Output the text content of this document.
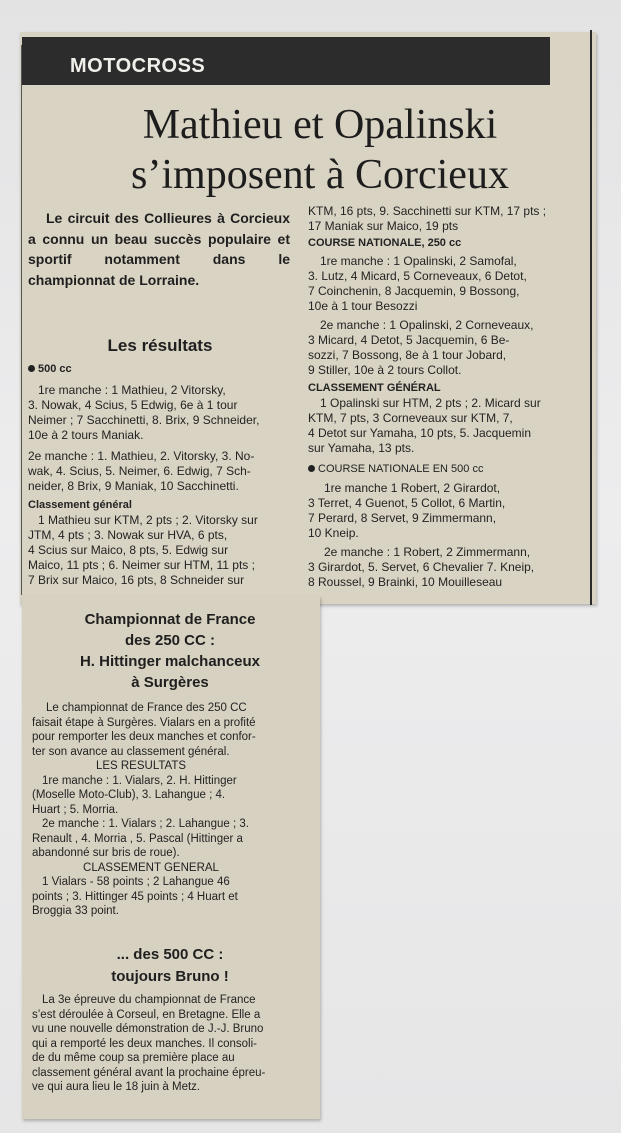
MOTOCROSS
Mathieu et Opalinski
s’imposent à Corcieux
Le circuit des Collieures à Corcieux a connu un beau succès populaire et sportif notamment dans le championnat de Lorraine.
Les résultats
500 cc
1re manche : 1 Mathieu, 2 Vitorsky,
3. Nowak, 4 Scius, 5 Edwig, 6e à 1 tour
Neimer ; 7 Sacchinetti, 8. Brix, 9 Schneider,
10e à 2 tours Maniak.
2e manche : 1. Mathieu, 2. Vitorsky, 3. No-
wak, 4. Scius, 5. Neimer, 6. Edwig, 7 Sch-
neider, 8 Brix, 9 Maniak, 10 Sacchinetti.
Classement général
1 Mathieu sur KTM, 2 pts ; 2. Vitorsky sur
JTM, 4 pts ; 3. Nowak sur HVA, 6 pts,
4 Scius sur Maico, 8 pts, 5. Edwig sur
Maico, 11 pts ; 6. Neimer sur HTM, 11 pts ;
7 Brix sur Maico, 16 pts, 8 Schneider sur
KTM, 16 pts, 9. Sacchinetti sur KTM, 17 pts ;
17 Maniak sur Maico, 19 pts
COURSE NATIONALE, 250 cc
1re manche : 1 Opalinski, 2 Samofal,
3. Lutz, 4 Micard, 5 Corneveaux, 6 Detot,
7 Coinchenin, 8 Jacquemin, 9 Bossong,
10e à 1 tour Besozzi
2e manche : 1 Opalinski, 2 Corneveaux,
3 Micard, 4 Detot, 5 Jacquemin, 6 Be-
sozzi, 7 Bossong, 8e à 1 tour Jobard,
9 Stiller, 10e à 2 tours Collot.
CLASSEMENT GÉNÉRAL
1 Opalinski sur HTM, 2 pts ; 2. Micard sur
KTM, 7 pts, 3 Corneveaux sur KTM, 7,
4 Detot sur Yamaha, 10 pts, 5. Jacquemin
sur Yamaha, 13 pts.
COURSE NATIONALE EN 500 cc
1re manche 1 Robert, 2 Girardot,
3 Terret, 4 Guenot, 5 Collot, 6 Martin,
7 Perard, 8 Servet, 9 Zimmermann,
10 Kneip.
2e manche : 1 Robert, 2 Zimmermann,
3 Girardot, 5. Servet, 6 Chevalier 7. Kneip,
8 Roussel, 9 Brainki, 10 Mouilleseau
Championnat de France
des 250 CC :
H. Hittinger malchanceux
à Surgères
Le championnat de France des 250 CC
faisait étape à Surgères. Vialars en a profité
pour remporter les deux manches et confor-
ter son avance au classement général.
LES RESULTATS
1re manche : 1. Vialars, 2. H. Hittinger
(Moselle Moto-Club), 3. Lahangue ; 4.
Huart ; 5. Morria.
2e manche : 1. Vialars ; 2. Lahangue ; 3.
Renault , 4. Morria , 5. Pascal (Hittinger a
abandonné sur bris de roue).
CLASSEMENT GENERAL
1 Vialars - 58 points ; 2 Lahangue 46
points ; 3. Hittinger 45 points ; 4 Huart et
Broggia 33 point.
... des 500 CC :
toujours Bruno !
La 3e épreuve du championnat de France
s’est déroulée à Corseul, en Bretagne. Elle a
vu une nouvelle démonstration de J.-J. Bruno
qui a remporté les deux manches. Il consoli-
de du même coup sa première place au
classement général avant la prochaine épreu-
ve qui aura lieu le 18 juin à Metz.
